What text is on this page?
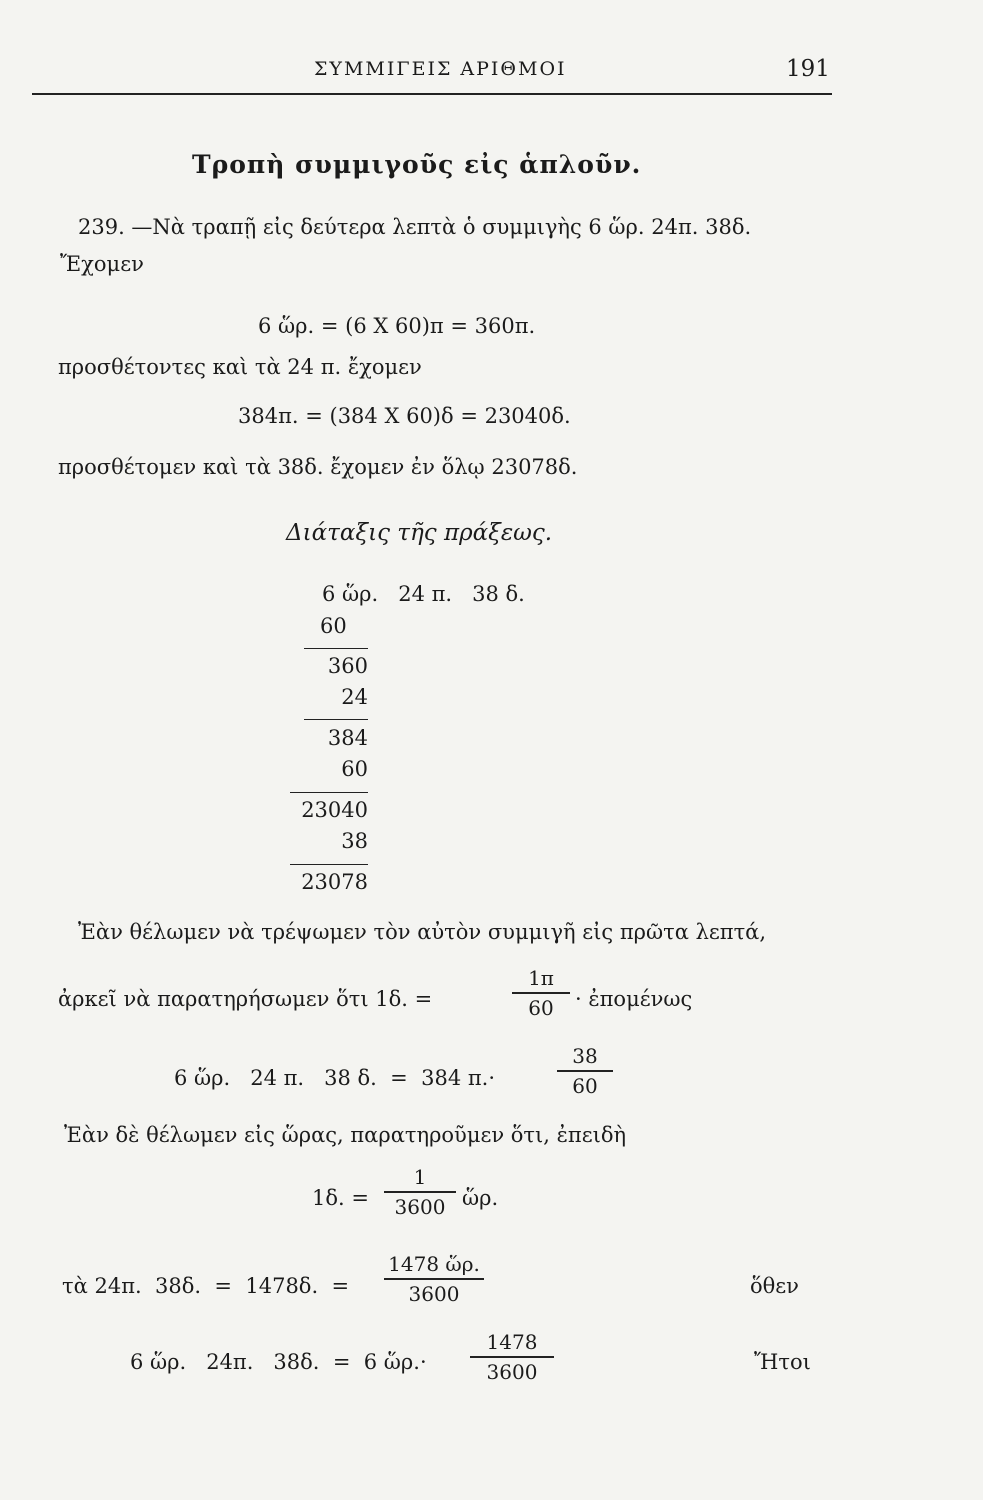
ΣΥΜΜΙΓΕΙΣ ΑΡΙΘΜΟΙ	191
Τροπὴ συμμιγοῦς εἰς ἁπλοῦν.
239. —Νὰ τραπῇ εἰς δεύτερα λεπτὰ ὁ συμμιγὴς 6 ὥρ. 24π. 38δ.
Ἔχομεν
6 ὥρ. = (6 X 60)π = 360π.
προσθέτοντες καὶ τὰ 24 π. ἔχομεν
384π. = (384 X 60)δ = 23040δ.
προσθέτομεν καὶ τὰ 38δ. ἔχομεν ἐν ὅλῳ 23078δ.
Διάταξις τῆς πράξεως.
6 ὥρ.   24 π.   38 δ.
60
360
24
384
60
23040
38
23078
Ἐὰν θέλωμεν νὰ τρέψωμεν τὸν αὐτὸν συμμιγῆ εἰς πρῶτα λεπτά,
ἀρκεῖ νὰ παρατηρήσωμεν ὅτι 1δ. =
1π
60	· ἐπομένως
6 ὥρ.   24 π.   38 δ.  =  384 π.·
38
60
Ἐὰν δὲ θέλωμεν εἰς ὥρας, παρατηροῦμεν ὅτι, ἐπειδὴ
1δ. =
1
3600 ὥρ.
τὰ 24π.  38δ.  =  1478δ.  =
1478 ὥρ.
3600	ὅθεν
6 ὥρ.   24π.   38δ.  =  6 ὥρ.·
1478
3600	Ἤτοι
